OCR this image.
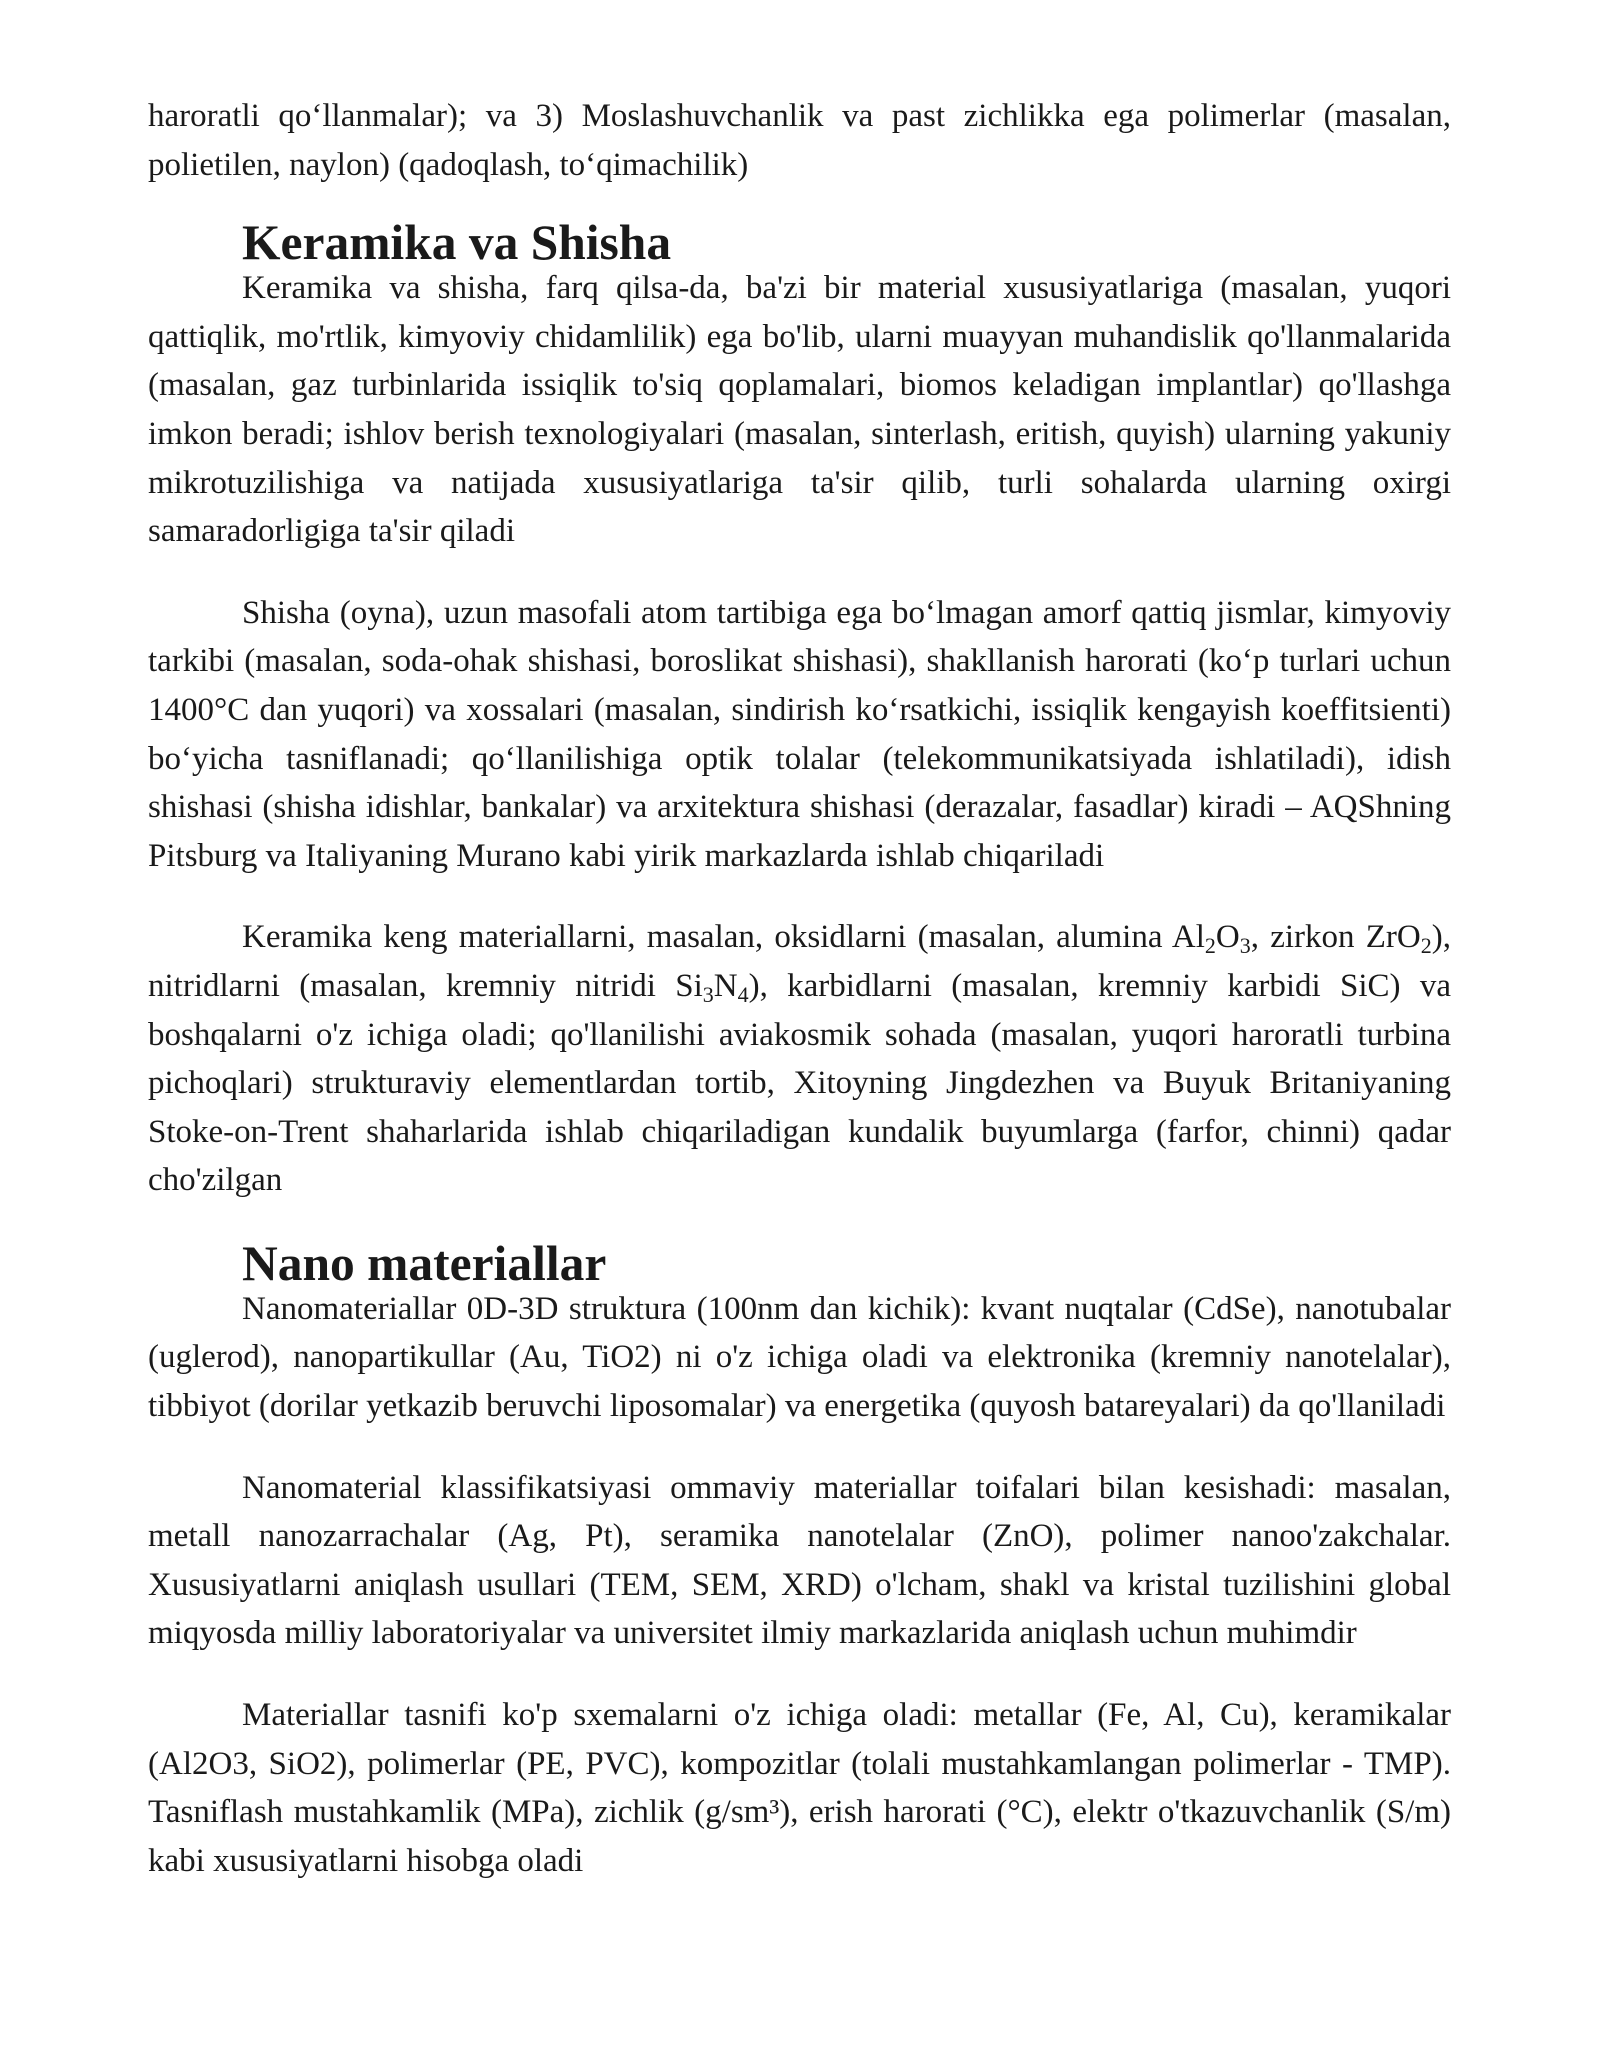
haroratli qo‘llanmalar); va 3) Moslashuvchanlik va past zichlikka ega polimerlar (masalan, polietilen, naylon) (qadoqlash, to‘qimachilik)

Keramika va Shisha

Keramika va shisha, farq qilsa-da, ba'zi bir material xususiyatlariga (masalan, yuqori qattiqlik, mo'rtlik, kimyoviy chidamlilik) ega bo'lib, ularni muayyan muhandislik qo'llanmalarida (masalan, gaz turbinlarida issiqlik to'siq qoplamalari, biomos keladigan implantlar) qo'llashga imkon beradi; ishlov berish texnologiyalari (masalan, sinterlash, eritish, quyish) ularning yakuniy mikrotuzilishiga va natijada xususiyatlariga ta'sir qilib, turli sohalarda ularning oxirgi samaradorligiga ta'sir qiladi

Shisha (oyna), uzun masofali atom tartibiga ega bo‘lmagan amorf qattiq jismlar, kimyoviy tarkibi (masalan, soda-ohak shishasi, boroslikat shishasi), shakllanish harorati (ko‘p turlari uchun 1400°C dan yuqori) va xossalari (masalan, sindirish ko‘rsatkichi, issiqlik kengayish koeffitsienti) bo‘yicha tasniflanadi; qo‘llanilishiga optik tolalar (telekommunikatsiyada ishlatiladi), idish shishasi (shisha idishlar, bankalar) va arxitektura shishasi (derazalar, fasadlar) kiradi – AQShning Pitsburg va Italiyaning Murano kabi yirik markazlarda ishlab chiqariladi

Keramika keng materiallarni, masalan, oksidlarni (masalan, alumina $Al_2O_3$, zirkon ZrO$_2$), nitridlarni (masalan, kremniy nitridi $Si_3N_4$), karbidlarni (masalan, kremniy karbidi SiC) va boshqalarni o'z ichiga oladi; qo'llanilishi aviakosmik sohada (masalan, yuqori haroratli turbina pichoqlari) strukturaviy elementlardan tortib, Xitoyning Jingdezhen va Buyuk Britaniyaning Stoke-on-Trent shaharlarida ishlab chiqariladigan kundalik buyumlarga (farfor, chinni) qadar cho'zilgan

Nano materiallar

Nanomateriallar 0D-3D struktura (100nm dan kichik): kvant nuqtalar (CdSe), nanotubalar (uglerod), nanopartikullar (Au, TiO2) ni o'z ichiga oladi va elektronika (kremniy nanotelalar), tibbiyot (dorilar yetkazib beruvchi liposomalar) va energetika (quyosh batareyalari) da qo'llaniladi

Nanomaterial klassifikatsiyasi ommaviy materiallar toifalari bilan kesishadi: masalan, metall nanozarrachalar (Ag, Pt), seramika nanotelalar (ZnO), polimer nanoo'zakchalar. Xususiyatlarni aniqlash usullari (TEM, SEM, XRD) o'lcham, shakl va kristal tuzilishini global miqyosda milliy laboratoriyalar va universitet ilmiy markazlarida aniqlash uchun muhimdir

Materiallar tasnifi ko'p sxemalarni o'z ichiga oladi: metallar (Fe, Al, Cu), keramikalar (Al2O3, SiO2), polimerlar (PE, PVC), kompozitlar (tolali mustahkamlangan polimerlar - TMP). Tasniflash mustahkamlik (MPa), zichlik (g/sm³), erish harorati (°C), elektr o'tkazuvchanlik (S/m) kabi xususiyatlarni hisobga oladi
